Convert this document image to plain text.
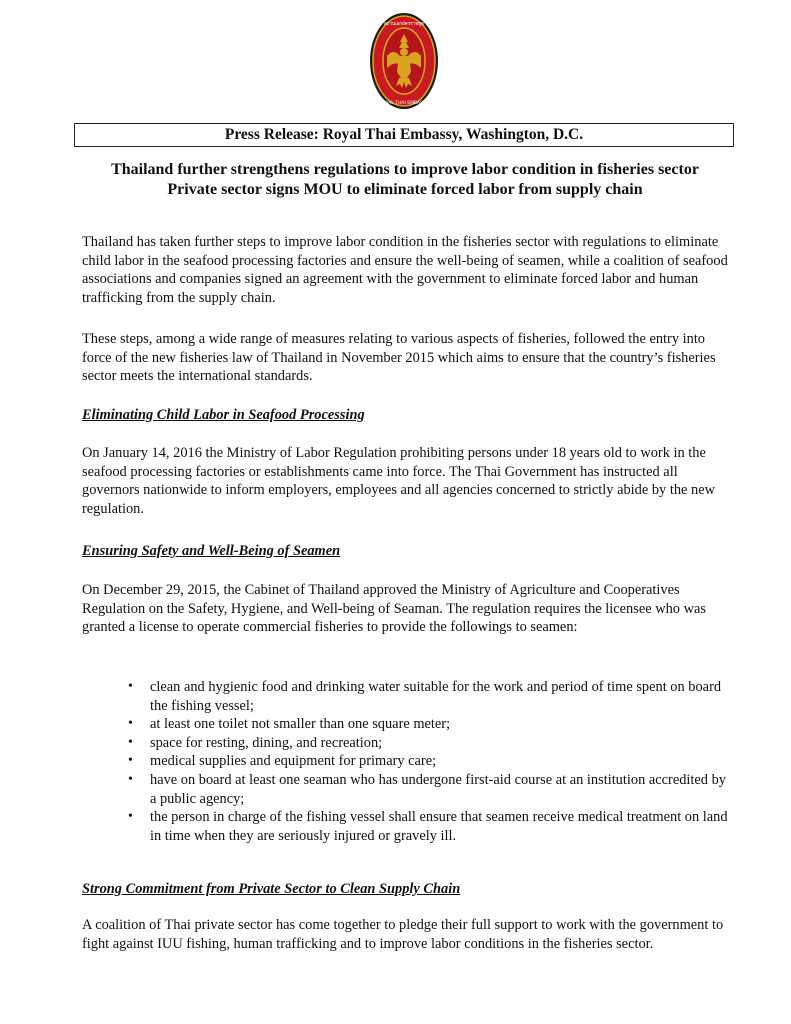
สถานเอกอัครราชทูต
ROYAL THAI EMBASSY
Press Release: Royal Thai Embassy, Washington, D.C.
Thailand further strengthens regulations to improve labor condition in fisheries sector
Private sector signs MOU to eliminate forced labor from supply chain

Thailand has taken further steps to improve labor condition in the fisheries sector with regulations to eliminate child labor in the seafood processing factories and ensure the well-being of seamen, while a coalition of seafood associations and companies signed an agreement with the government to eliminate forced labor and human trafficking from the supply chain.

These steps, among a wide range of measures relating to various aspects of fisheries, followed the entry into force of the new fisheries law of Thailand in November 2015 which aims to ensure that the country’s fisheries sector meets the international standards.

Eliminating Child Labor in Seafood Processing

On January 14, 2016 the Ministry of Labor Regulation prohibiting persons under 18 years old to work in the seafood processing factories or establishments came into force. The Thai Government has instructed all governors nationwide to inform employers, employees and all agencies concerned to strictly abide by the new regulation.

Ensuring Safety and Well-Being of Seamen

On December 29, 2015, the Cabinet of Thailand approved the Ministry of Agriculture and Cooperatives Regulation on the Safety, Hygiene, and Well-being of Seaman. The regulation requires the licensee who was granted a license to operate commercial fisheries to provide the followings to seamen:

• clean and hygienic food and drinking water suitable for the work and period of time spent on board the fishing vessel;
• at least one toilet not smaller than one square meter;
• space for resting, dining, and recreation;
• medical supplies and equipment for primary care;
• have on board at least one seaman who has undergone first-aid course at an institution accredited by a public agency;
• the person in charge of the fishing vessel shall ensure that seamen receive medical treatment on land in time when they are seriously injured or gravely ill.

Strong Commitment from Private Sector to Clean Supply Chain

A coalition of Thai private sector has come together to pledge their full support to work with the government to fight against IUU fishing, human trafficking and to improve labor conditions in the fisheries sector.
